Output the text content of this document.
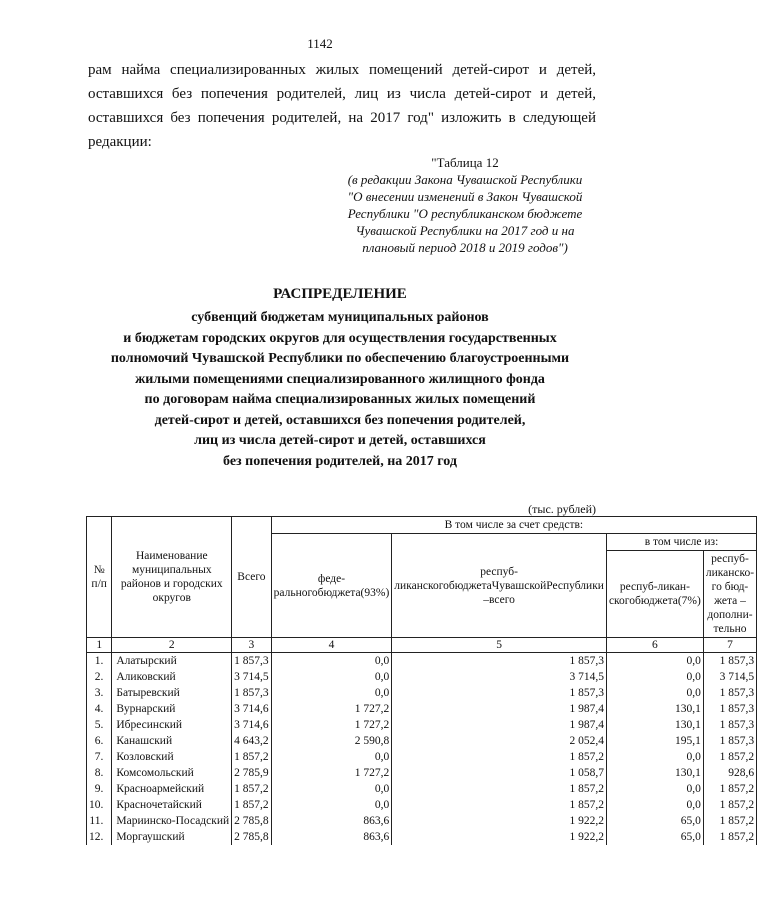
1142
рам найма специализированных жилых помещений детей-сирот и детей,
оставшихся без попечения родителей, лиц из числа детей-сирот и детей,
оставшихся без попечения родителей, на 2017 год" изложить в следующей
редакции:
"Таблица 12
(в редакции Закона Чувашской Республики
"О внесении изменений в Закон Чувашской
Республики "О республиканском бюджете
Чувашской Республики на 2017 год и на
плановый период 2018 и 2019 годов")
РАСПРЕДЕЛЕНИЕ
субвенций бюджетам муниципальных районов
и бюджетам городских округов для осуществления государственных
полномочий Чувашской Республики по обеспечению благоустроенными
жилыми помещениями специализированного жилищного фонда
по договорам найма специализированных жилых помещений
детей-сирот и детей, оставшихся без попечения родителей,
лиц из числа детей-сирот и детей, оставшихся
без попечения родителей, на 2017 год
(тыс. рублей)
№ п/п	Наименование муниципальных районов и городских округов	Всего	В том числе за счет средств:			
			феде-ральногобюджета(93%)	респуб-ликанскогобюджетаЧувашскойРеспублики –всего	в том числе из:	
					респуб-ликан-скогобюджета(7%)	респуб-ликанско-го бюд-жета –дополни-тельно
1	2	3	4	5	6	7
1.	Алатырский	1 857,3	0,0	1 857,3	0,0	1 857,3
2.	Аликовский	3 714,5	0,0	3 714,5	0,0	3 714,5
3.	Батыревский	1 857,3	0,0	1 857,3	0,0	1 857,3
4.	Вурнарский	3 714,6	1 727,2	1 987,4	130,1	1 857,3
5.	Ибресинский	3 714,6	1 727,2	1 987,4	130,1	1 857,3
6.	Канашский	4 643,2	2 590,8	2 052,4	195,1	1 857,3
7.	Козловский	1 857,2	0,0	1 857,2	0,0	1 857,2
8.	Комсомольский	2 785,9	1 727,2	1 058,7	130,1	928,6
9.	Красноармейский	1 857,2	0,0	1 857,2	0,0	1 857,2
10.	Красночетайский	1 857,2	0,0	1 857,2	0,0	1 857,2
11.	Мариинско-Посадский	2 785,8	863,6	1 922,2	65,0	1 857,2
12.	Моргаушский	2 785,8	863,6	1 922,2	65,0	1 857,2
